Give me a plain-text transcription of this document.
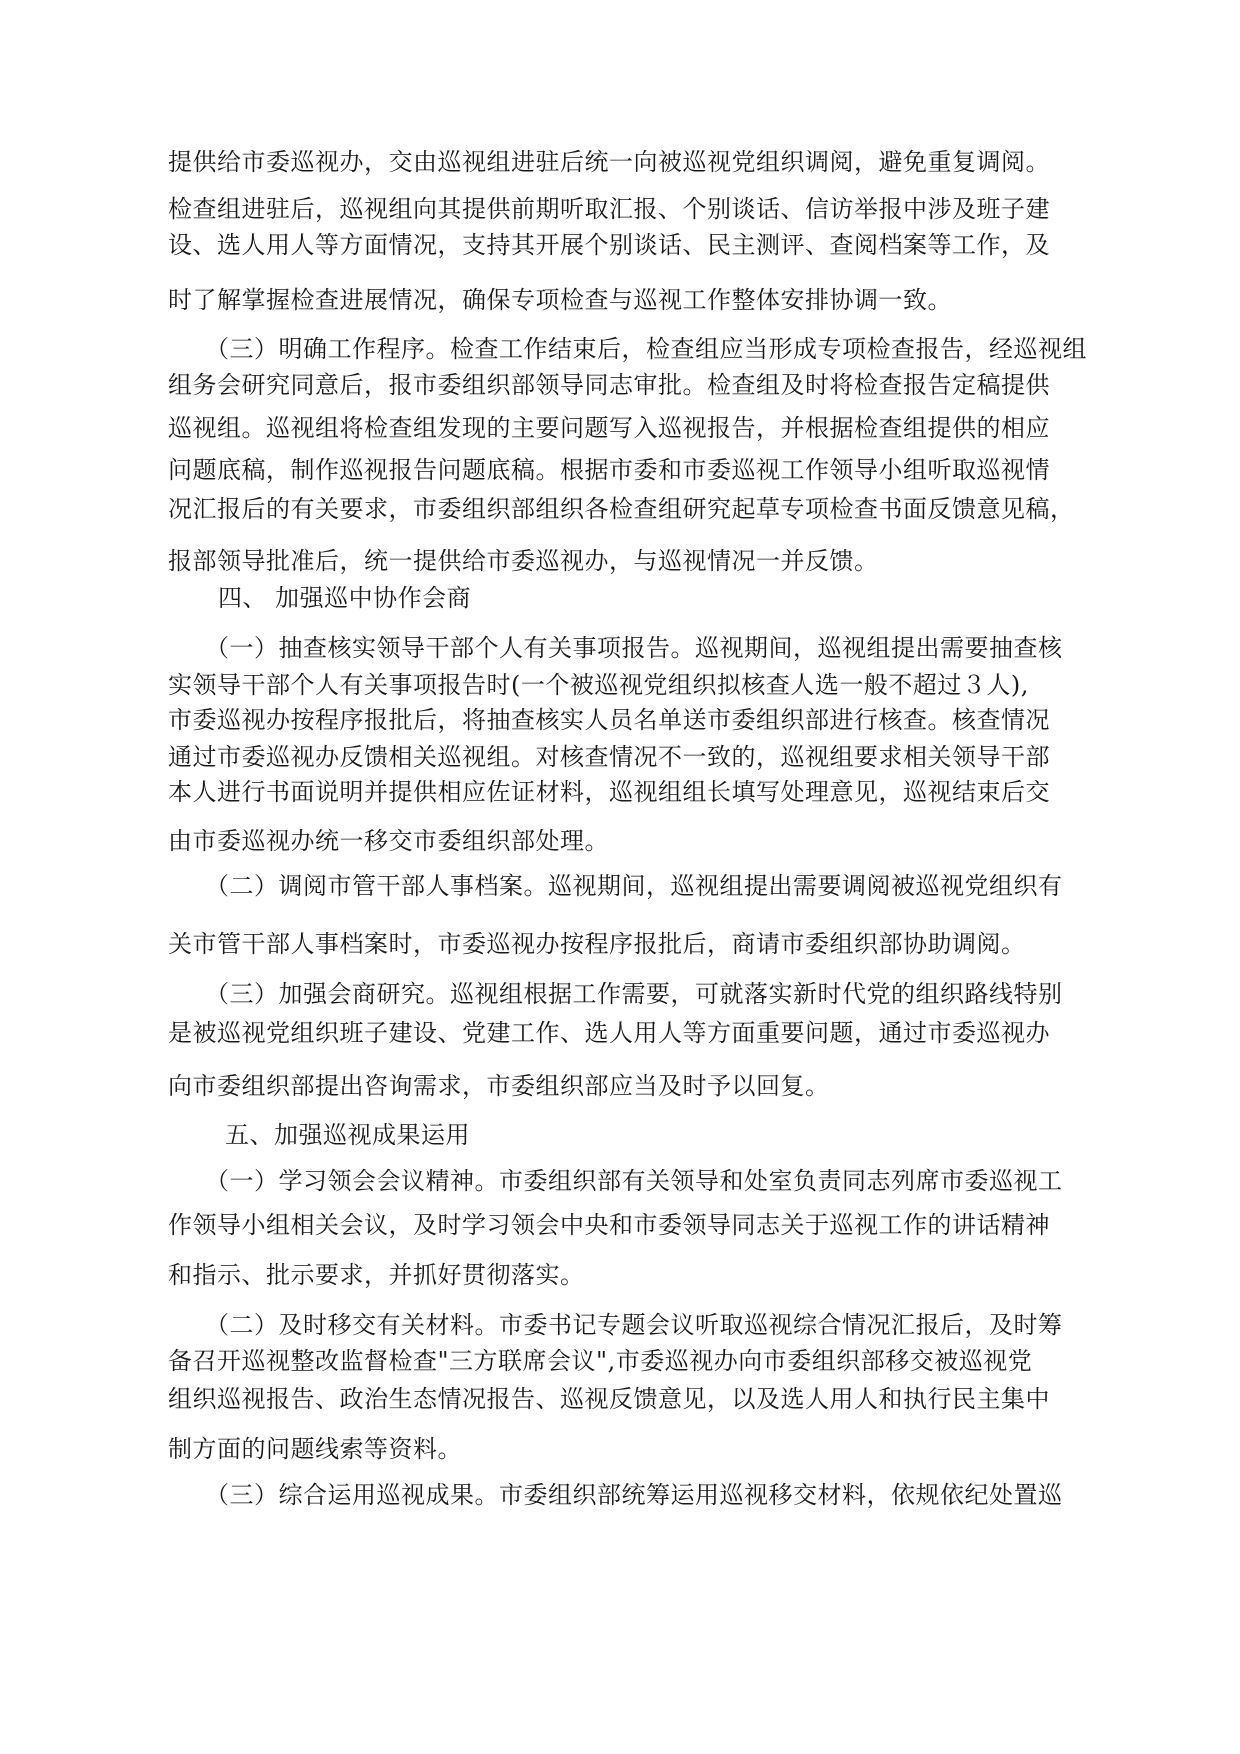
提供给市委巡视办，交由巡视组进驻后统一向被巡视党组织调阅，避免重复调阅。
检查组进驻后，巡视组向其提供前期听取汇报、个别谈话、信访举报中涉及班子建
设、选人用人等方面情况，支持其开展个别谈话、民主测评、查阅档案等工作，及
时了解掌握检查进展情况，确保专项检查与巡视工作整体安排协调一致。
（三）明确工作程序。检查工作结束后，检查组应当形成专项检查报告，经巡视组
组务会研究同意后，报市委组织部领导同志审批。检查组及时将检查报告定稿提供
巡视组。巡视组将检查组发现的主要问题写入巡视报告，并根据检查组提供的相应
问题底稿，制作巡视报告问题底稿。根据市委和市委巡视工作领导小组听取巡视情
况汇报后的有关要求，市委组织部组织各检查组研究起草专项检查书面反馈意见稿，
报部领导批准后，统一提供给市委巡视办，与巡视情况一并反馈。
四、 加强巡中协作会商
（一）抽查核实领导干部个人有关事项报告。巡视期间，巡视组提出需要抽查核
实领导干部个人有关事项报告时(一个被巡视党组织拟核查人选一般不超过３人),
市委巡视办按程序报批后，将抽查核实人员名单送市委组织部进行核查。核查情况
通过市委巡视办反馈相关巡视组。对核查情况不一致的，巡视组要求相关领导干部
本人进行书面说明并提供相应佐证材料，巡视组组长填写处理意见，巡视结束后交
由市委巡视办统一移交市委组织部处理。
（二）调阅市管干部人事档案。巡视期间，巡视组提出需要调阅被巡视党组织有
关市管干部人事档案时，市委巡视办按程序报批后，商请市委组织部协助调阅。
（三）加强会商研究。巡视组根据工作需要，可就落实新时代党的组织路线特别
是被巡视党组织班子建设、党建工作、选人用人等方面重要问题，通过市委巡视办
向市委组织部提出咨询需求，市委组织部应当及时予以回复。
五、加强巡视成果运用
（一）学习领会会议精神。市委组织部有关领导和处室负责同志列席市委巡视工
作领导小组相关会议，及时学习领会中央和市委领导同志关于巡视工作的讲话精神
和指示、批示要求，并抓好贯彻落实。
（二）及时移交有关材料。市委书记专题会议听取巡视综合情况汇报后，及时筹
备召开巡视整改监督检查"三方联席会议",市委巡视办向市委组织部移交被巡视党
组织巡视报告、政治生态情况报告、巡视反馈意见，以及选人用人和执行民主集中
制方面的问题线索等资料。
（三）综合运用巡视成果。市委组织部统筹运用巡视移交材料，依规依纪处置巡
